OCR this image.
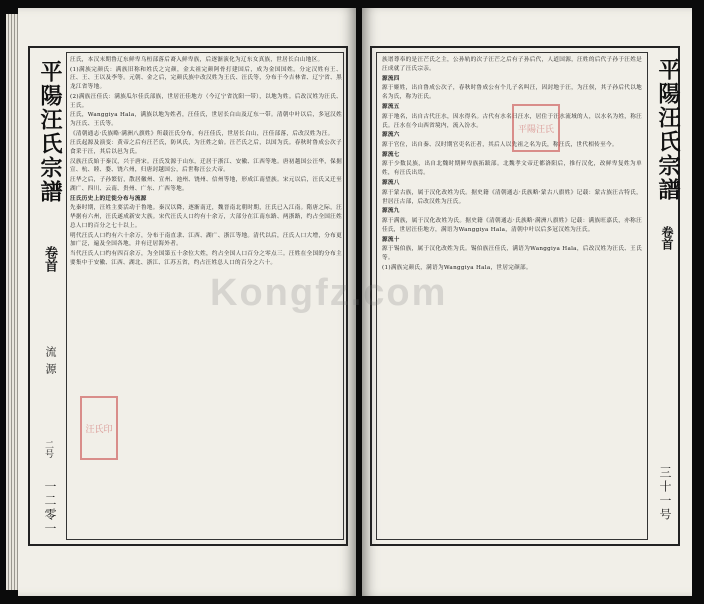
平陽汪氏宗譜
卷首
流源
二号
一二零一

汪氏，本汉末期鲁辽东鲜卑乌桓部落后裔入鲜卑族，后逐渐演化为辽东女真族，世居长白山地区。

(1)满族完颜氏：满族旧称和姓氏之完颜，金太祖完颜阿骨打建国后，成为金国国姓。分定汉姓有王、汪、王、王以及李等。元朝、金之后，完颜氏族中改汉姓为王氏、汪氏等，分布于今吉林省、辽宁省、黑龙江省等地。

(2)满族汪佳氏：满族瓜尔佳氏部族，世居汪佳地方（今辽宁省沈阳一带），以地为姓。后改汉姓为汪氏、王氏。

汪氏，Wanggiya Hala，满族以地为姓者，汪佳氏，世居长白山及辽东一带。清朝中叶以后，多冠汉姓为汪氏、王氏等。

《清朝通志·氏族略·满洲八旗姓》所载汪氏分布，有汪佳氏，世居长白山，汪佳部落，后改汉姓为汪。

汪氏起源及演变：黄帝之后有汪芒氏，防风氏，为汪姓之始。汪芒氏之后，以国为氏。春秋时鲁成公次子食采于汪，其后以邑为氏。

汉族汪氏始于秦汉，兴于唐宋。汪氏发源于山东，迁居于浙江、安徽、江西等地。唐初越国公汪华，保据宣、杭、睦、婺、饶六州，归唐封越国公，后世称汪公大帝。

汪华之后，子孙繁衍，散居徽州、宣州、池州、饶州、信州等地，形成江南望族。宋元以后，汪氏又迁至湖广、四川、云南、贵州、广东、广西等地。

汪氏历史上的迁徙分布与流源

先秦时期，汪姓主要活动于鲁地。秦汉以降，逐渐南迁，魏晋南北朝时期，汪氏已入江南。隋唐之际，汪华据有六州，汪氏遂成新安大族。宋代汪氏人口约有十余万，大部分在江南东路、两浙路，约占全国汪姓总人口的百分之七十以上。

明代汪氏人口约有六十余万，分布于南直隶、江西、湖广、浙江等地。清代以后，汪氏人口大增，分布更加广泛，遍及全国各地，并有迁居海外者。

当代汪氏人口约有四百余万，为全国第五十余位大姓，约占全国人口百分之零点三。汪姓在全国的分布主要集中于安徽、江西、湖北、浙江、江苏五省，约占汪姓总人口的百分之六十。

汪氏印
平陽汪氏宗譜
卷首
三十一号

族谱尊奉的是汪芒氏之主，公孙轨的次子汪芒之后有子孙后代，人道国源，汪姓的后代子孙于汪姓是汪成就了汪氏宗亲。

源流四

源于姬姓，出自鲁成公次子，春秋时鲁成公有个儿子名叫汪，因封地于汪，为汪侯，其子孙后代以地名为氏，称为汪氏。

源流五

源于地名，出自古代汪水，因水得名。古代有水名曰汪水，居住于汪水流域的人，以水名为姓，称汪氏。汪水在今山西省境内，流入汾水。

源流六

源于官位，出自秦、汉时期官吏名汪者，其后人以先祖之名为氏，称汪氏，世代相传至今。

源流七

源于少数民族，出自北魏时期鲜卑族拓跋部。北魏孝文帝迁都洛阳后，推行汉化，改鲜卑复姓为单姓，有汪氏出焉。

源流八

源于蒙古族，属于汉化改姓为氏。据史籍《清朝通志·氏族略·蒙古八旗姓》记载：蒙古族汪古特氏，世居汪古部，后改汉姓为汪氏。

源流九

源于满族，属于汉化改姓为氏。据史籍《清朝通志·氏族略·满洲八旗姓》记载：满族旺嘉氏，亦称汪佳氏，世居汪佳地方，满语为Wanggiya Hala，清朝中叶以后多冠汉姓为汪氏。

源流十

源于锡伯族，属于汉化改姓为氏。锡伯族汪佳氏，满语为Wanggiya Hala，后改汉姓为汪氏、王氏等。

(1)满族完颜氏，满语为Wanggiya Hala，世居完颜部。

平陽汪氏
Kongfz.com
